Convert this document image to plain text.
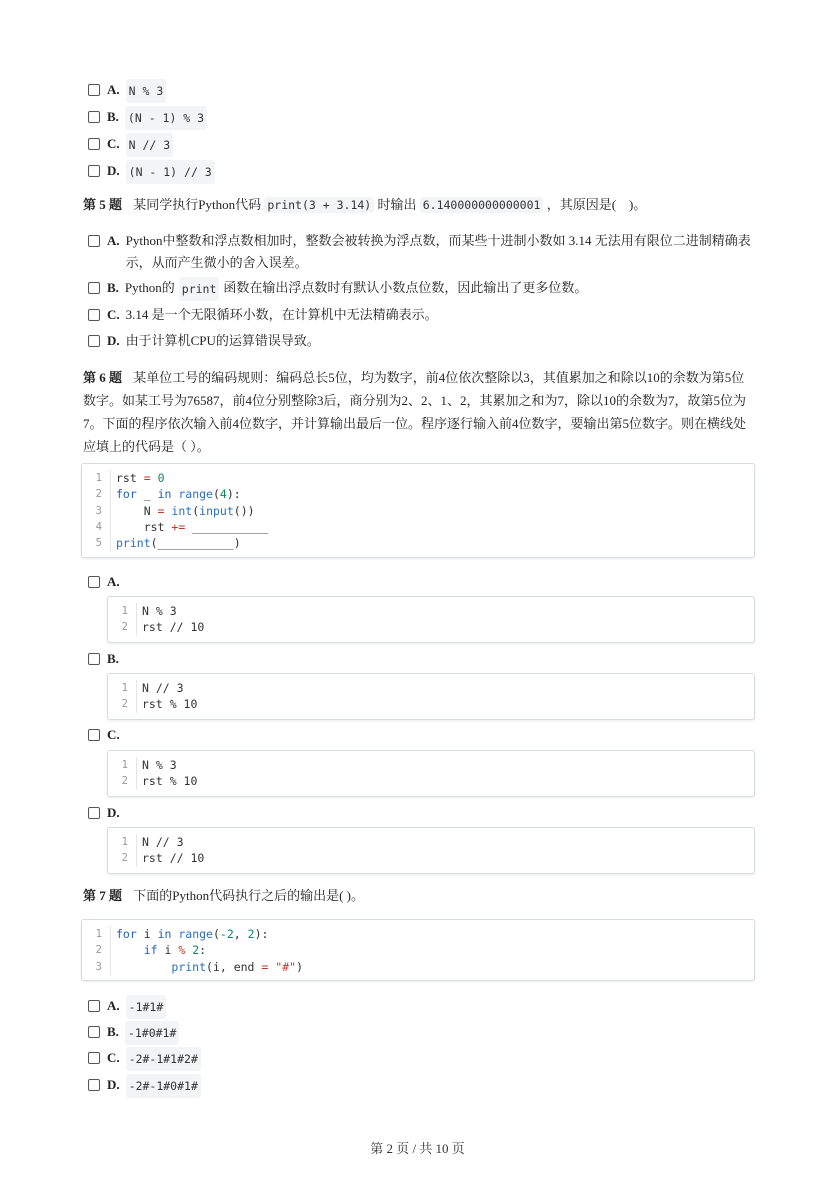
A. N % 3
B. (N - 1) % 3
C. N // 3
D. (N - 1) // 3
第 5 题 某同学执行Python代码 print(3 + 3.14) 时输出 6.140000000000001 ，其原因是(　)。
A. Python中整数和浮点数相加时，整数会被转换为浮点数，而某些十进制小数如 3.14 无法用有限位二进制精确表示，从而产生微小的舍入误差。
B. Python的 print 函数在输出浮点数时有默认小数点位数，因此输出了更多位数。
C. 3.14 是一个无限循环小数，在计算机中无法精确表示。
D. 由于计算机CPU的运算错误导致。
第 6 题 某单位工号的编码规则：编码总长5位，均为数字，前4位依次整除以3，其值累加之和除以10的余数为第5位数字。如某工号为76587，前4位分别整除3后，商分别为2、2、1、2，其累加之和为7，除以10的余数为7，故第5位为7。下面的程序依次输入前4位数字，并计算输出最后一位。程序逐行输入前4位数字，要输出第5位数字。则在横线处应填上的代码是（ ）。
1	rst = 0
2	for _ in range(4):
3	N = int(input())
4	rst += ___________
5	print(___________)
A.
1	N % 3
2	rst // 10
B.
1	N // 3
2	rst % 10
C.
1	N % 3
2	rst % 10
D.
1	N // 3
2	rst // 10
第 7 题 下面的Python代码执行之后的输出是( )。
1	for i in range(-2, 2):
2	if i % 2:
3	print(i, end = "#")
A. -1#1#
B. -1#0#1#
C. -2#-1#1#2#
D. -2#-1#0#1#
第 2 页 / 共 10 页
